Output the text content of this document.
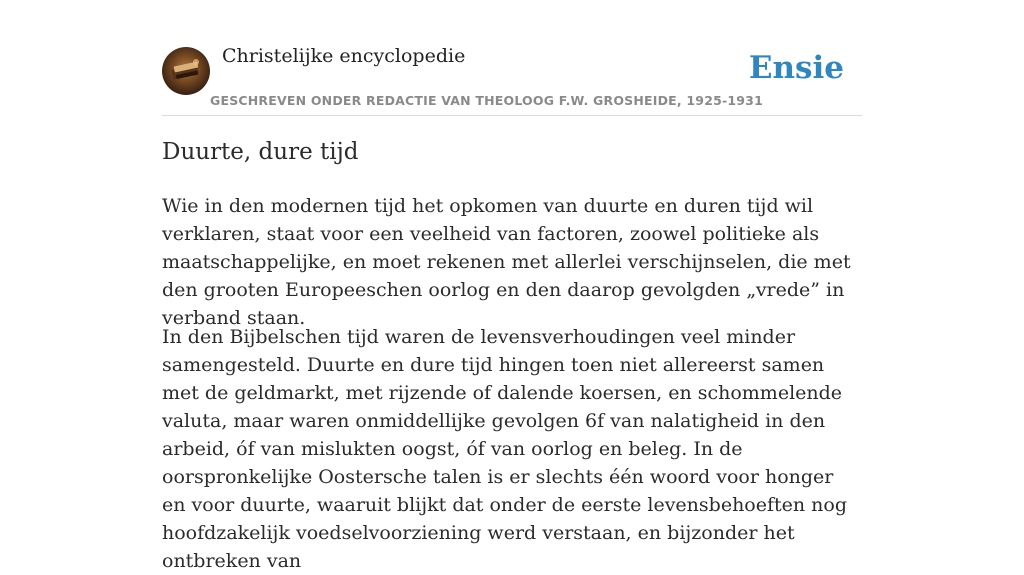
Christelijke encyclopedie
GESCHREVEN ONDER REDACTIE VAN THEOLOOG F.W. GROSHEIDE, 1925-1931
Ensie
Duurte, dure tijd

Wie in den modernen tijd het opkomen van duurte en duren tijd wil verklaren, staat voor een veelheid van factoren, zoowel politieke als maatschappelijke, en moet rekenen met allerlei verschijnselen, die met den grooten Europeeschen oorlog en den daarop gevolgden „vrede” in verband staan.

In den Bijbelschen tijd waren de levensverhoudingen veel minder samengesteld. Duurte en dure tijd hingen toen niet allereerst samen met de geldmarkt, met rijzende of dalende koersen, en schommelende valuta, maar waren onmiddellijke gevolgen 6f van nalatigheid in den arbeid, óf van mislukten oogst, óf van oorlog en beleg. In de oorspronkelijke Oostersche talen is er slechts één woord voor honger en voor duurte, waaruit blijkt dat onder de eerste levensbehoeften nog hoofdzakelijk voedselvoorziening werd verstaan, en bijzonder het ontbreken van
